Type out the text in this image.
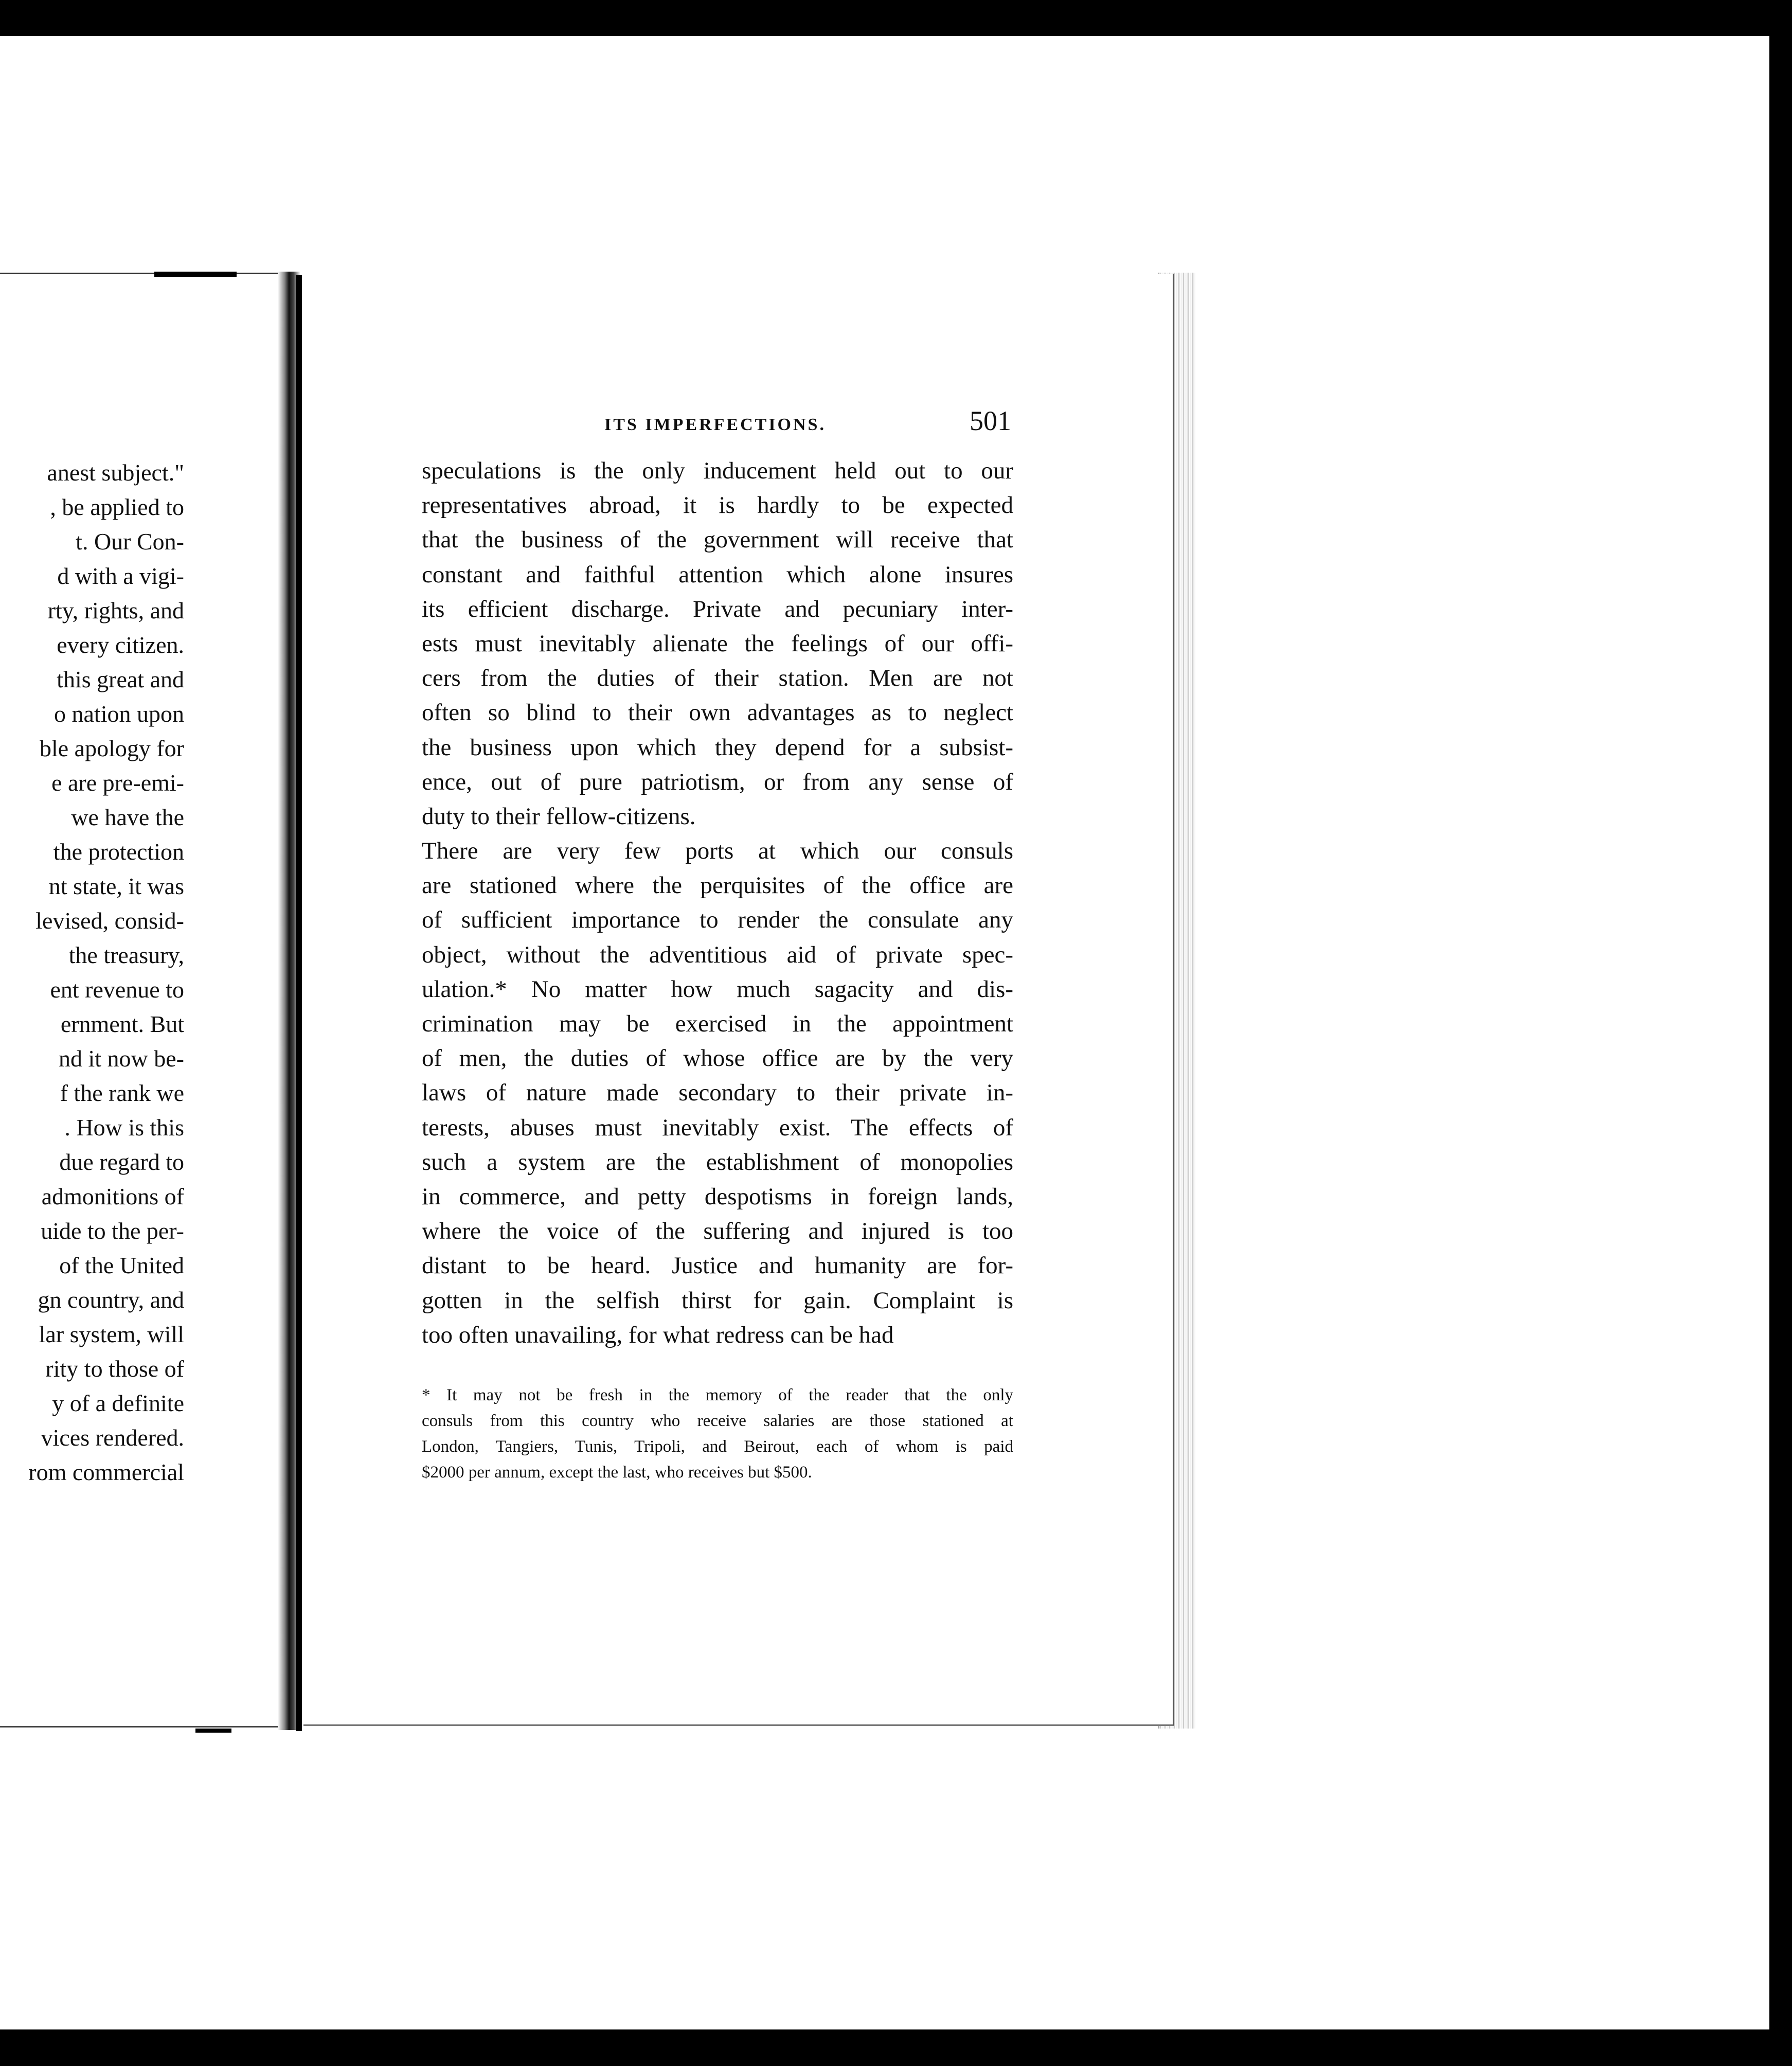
anest subject."
, be applied to
t. Our Con-
d with a vigi-
rty, rights, and
every citizen.
this great and
o nation upon
ble apology for
e are pre-emi-
we have the
the protection
nt state, it was
levised, consid-
the treasury,
ent revenue to
ernment. But
nd it now be-
f the rank we
. How is this
due regard to
admonitions of
uide to the per-
of the United
gn country, and
lar system, will
rity to those of
y of a definite
vices rendered.
rom commercial
ITS IMPERFECTIONS.	501
speculations is the only inducement held out to our
representatives abroad, it is hardly to be expected
that the business of the government will receive that
constant and faithful attention which alone insures
its efficient discharge. Private and pecuniary inter-
ests must inevitably alienate the feelings of our offi-
cers from the duties of their station. Men are not
often so blind to their own advantages as to neglect
the business upon which they depend for a subsist-
ence, out of pure patriotism, or from any sense of
duty to their fellow-citizens.
There are very few ports at which our consuls
are stationed where the perquisites of the office are
of sufficient importance to render the consulate any
object, without the adventitious aid of private spec-
ulation.* No matter how much sagacity and dis-
crimination may be exercised in the appointment
of men, the duties of whose office are by the very
laws of nature made secondary to their private in-
terests, abuses must inevitably exist. The effects of
such a system are the establishment of monopolies
in commerce, and petty despotisms in foreign lands,
where the voice of the suffering and injured is too
distant to be heard. Justice and humanity are for-
gotten in the selfish thirst for gain. Complaint is
too often unavailing, for what redress can be had
* It may not be fresh in the memory of the reader that the only
consuls from this country who receive salaries are those stationed at
London, Tangiers, Tunis, Tripoli, and Beirout, each of whom is paid
$2000 per annum, except the last, who receives but $500.
